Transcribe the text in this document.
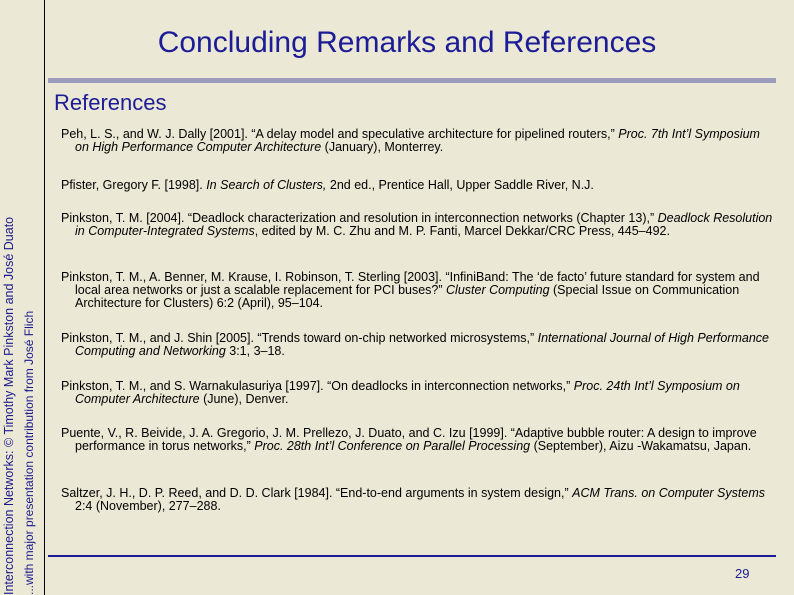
Interconnection Networks: © Timothy Mark Pinkston and José Duato ...with major presentation contribution from José Flich
Concluding Remarks and References
References
Peh, L. S., and W. J. Dally [2001]. “A delay model and speculative architecture for pipelined routers,” Proc. 7th Int’l Symposium on High Performance Computer Architecture (January), Monterrey.
Pfister, Gregory F. [1998]. In Search of Clusters, 2nd ed., Prentice Hall, Upper Saddle River, N.J.
Pinkston, T. M. [2004]. “Deadlock characterization and resolution in interconnection networks (Chapter 13),” Deadlock Resolution in Computer-Integrated Systems, edited by M. C. Zhu and M. P. Fanti, Marcel Dekkar/CRC Press, 445–492.
Pinkston, T. M., A. Benner, M. Krause, I. Robinson, T. Sterling [2003]. “InfiniBand: The ‘de facto’ future standard for system and local area networks or just a scalable replacement for PCI buses?” Cluster Computing (Special Issue on Communication Architecture for Clusters) 6:2 (April), 95–104.
Pinkston, T. M., and J. Shin [2005]. “Trends toward on-chip networked microsystems,” International Journal of High Performance Computing and Networking 3:1, 3–18.
Pinkston, T. M., and S. Warnakulasuriya [1997]. “On deadlocks in interconnection networks,” Proc. 24th Int’l Symposium on Computer Architecture (June), Denver.
Puente, V., R. Beivide, J. A. Gregorio, J. M. Prellezo, J. Duato, and C. Izu [1999]. “Adaptive bubble router: A design to improve performance in torus networks,” Proc. 28th Int’l Conference on Parallel Processing (September), Aizu -Wakamatsu, Japan.
Saltzer, J. H., D. P. Reed, and D. D. Clark [1984]. “End-to-end arguments in system design,” ACM Trans. on Computer Systems 2:4 (November), 277–288.
29
